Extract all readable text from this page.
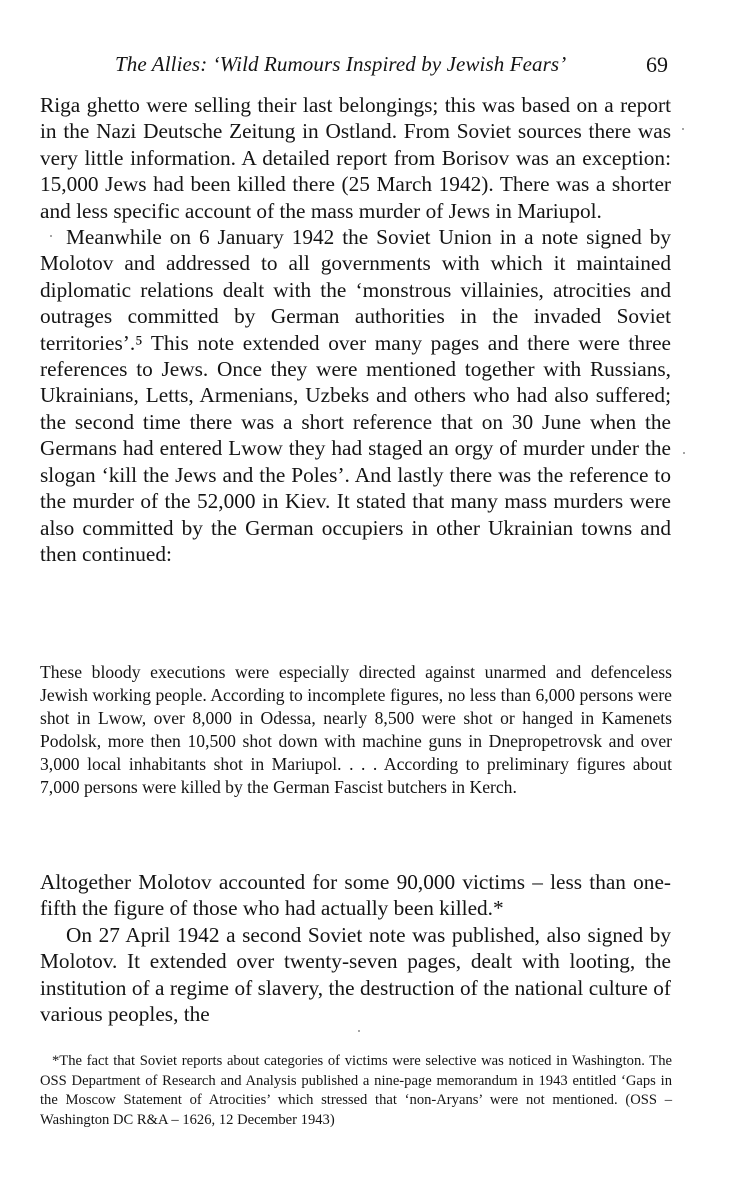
The Allies: ‘Wild Rumours Inspired by Jewish Fears’	69

Riga ghetto were selling their last belongings; this was based on a report in the Nazi Deutsche Zeitung in Ostland. From Soviet sources there was very little information. A detailed report from Borisov was an exception: 15,000 Jews had been killed there (25 March 1942). There was a shorter and less specific account of the mass murder of Jews in Mariupol.

Meanwhile on 6 January 1942 the Soviet Union in a note signed by Molotov and addressed to all governments with which it maintained diplomatic relations dealt with the ‘monstrous villainies, atrocities and outrages committed by German authorities in the invaded Soviet territories’.⁵ This note extended over many pages and there were three references to Jews. Once they were mentioned together with Russians, Ukrainians, Letts, Armenians, Uzbeks and others who had also suffered; the second time there was a short reference that on 30 June when the Germans had entered Lwow they had staged an orgy of murder under the slogan ‘kill the Jews and the Poles’. And lastly there was the reference to the murder of the 52,000 in Kiev. It stated that many mass murders were also committed by the German occupiers in other Ukrainian towns and then continued:

These bloody executions were especially directed against unarmed and defenceless Jewish working people. According to incomplete figures, no less than 6,000 persons were shot in Lwow, over 8,000 in Odessa, nearly 8,500 were shot or hanged in Kamenets Podolsk, more then 10,500 shot down with machine guns in Dnepropetrovsk and over 3,000 local inhabitants shot in Mariupol. . . . According to preliminary figures about 7,000 persons were killed by the German Fascist butchers in Kerch.

Altogether Molotov accounted for some 90,000 victims – less than one-fifth the figure of those who had actually been killed.*

On 27 April 1942 a second Soviet note was published, also signed by Molotov. It extended over twenty-seven pages, dealt with looting, the institution of a regime of slavery, the destruction of the national culture of various peoples, the

*The fact that Soviet reports about categories of victims were selective was noticed in Washington. The OSS Department of Research and Analysis published a nine-page memorandum in 1943 entitled ‘Gaps in the Moscow Statement of Atrocities’ which stressed that ‘non-Aryans’ were not mentioned. (OSS – Washington DC R&A – 1626, 12 December 1943)
